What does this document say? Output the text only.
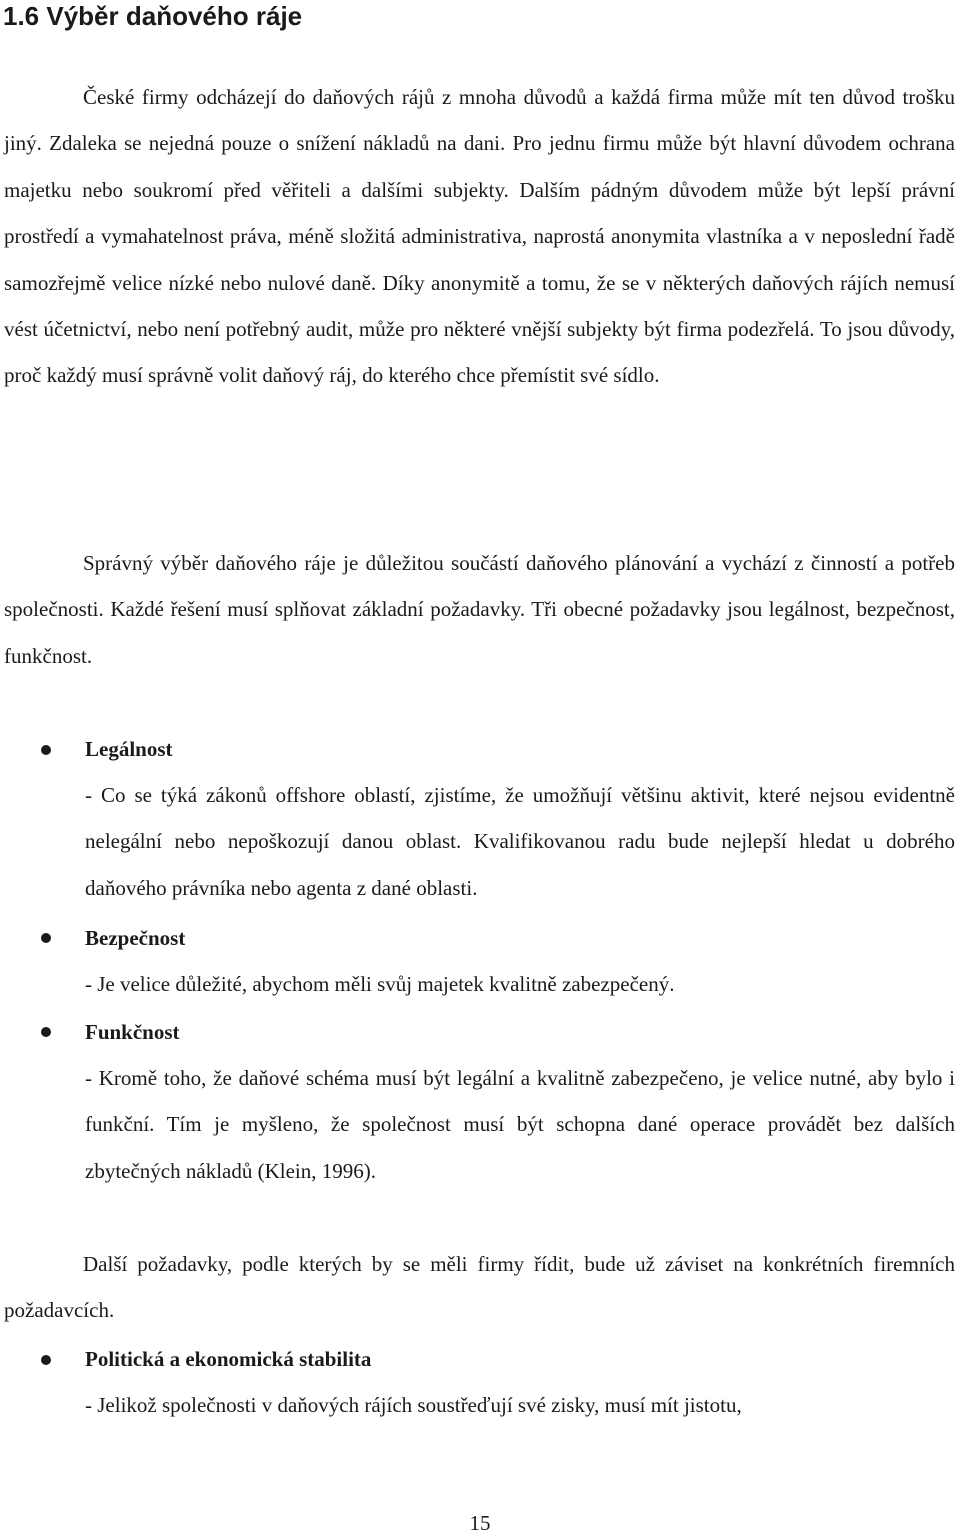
1.6 Výběr daňového ráje

České firmy odcházejí do daňových rájů z mnoha důvodů a každá firma může mít ten důvod trošku jiný. Zdaleka se nejedná pouze o snížení nákladů na dani. Pro jednu firmu může být hlavní důvodem ochrana majetku nebo soukromí před věřiteli a dalšími subjekty. Dalším pádným důvodem může být lepší právní prostředí a vymahatelnost práva, méně složitá administrativa, naprostá anonymita vlastníka a v neposlední řadě samozřejmě velice nízké nebo nulové daně. Díky anonymitě a tomu, že se v některých daňových rájích nemusí vést účetnictví, nebo není potřebný audit, může pro některé vnější subjekty být firma podezřelá. To jsou důvody, proč každý musí správně volit daňový ráj, do kterého chce přemístit své sídlo.

Správný výběr daňového ráje je důležitou součástí daňového plánování a vychází z činností a potřeb společnosti. Každé řešení musí splňovat základní požadavky. Tři obecné požadavky jsou legálnost, bezpečnost, funkčnost.

Legálnost

- Co se týká zákonů offshore oblastí, zjistíme, že umožňují většinu aktivit, které nejsou evidentně nelegální nebo nepoškozují danou oblast. Kvalifikovanou radu bude nejlepší hledat u dobrého daňového právníka nebo agenta z dané oblasti.

Bezpečnost

- Je velice důležité, abychom měli svůj majetek kvalitně zabezpečený.

Funkčnost

- Kromě toho, že daňové schéma musí být legální a kvalitně zabezpečeno, je velice nutné, aby bylo i funkční. Tím je myšleno, že společnost musí být schopna dané operace provádět bez dalších zbytečných nákladů (Klein, 1996).

Další požadavky, podle kterých by se měli firmy řídit, bude už záviset na konkrétních firemních požadavcích.

Politická a ekonomická stabilita

- Jelikož společnosti v daňových rájích soustřeďují své zisky, musí mít jistotu,

15
